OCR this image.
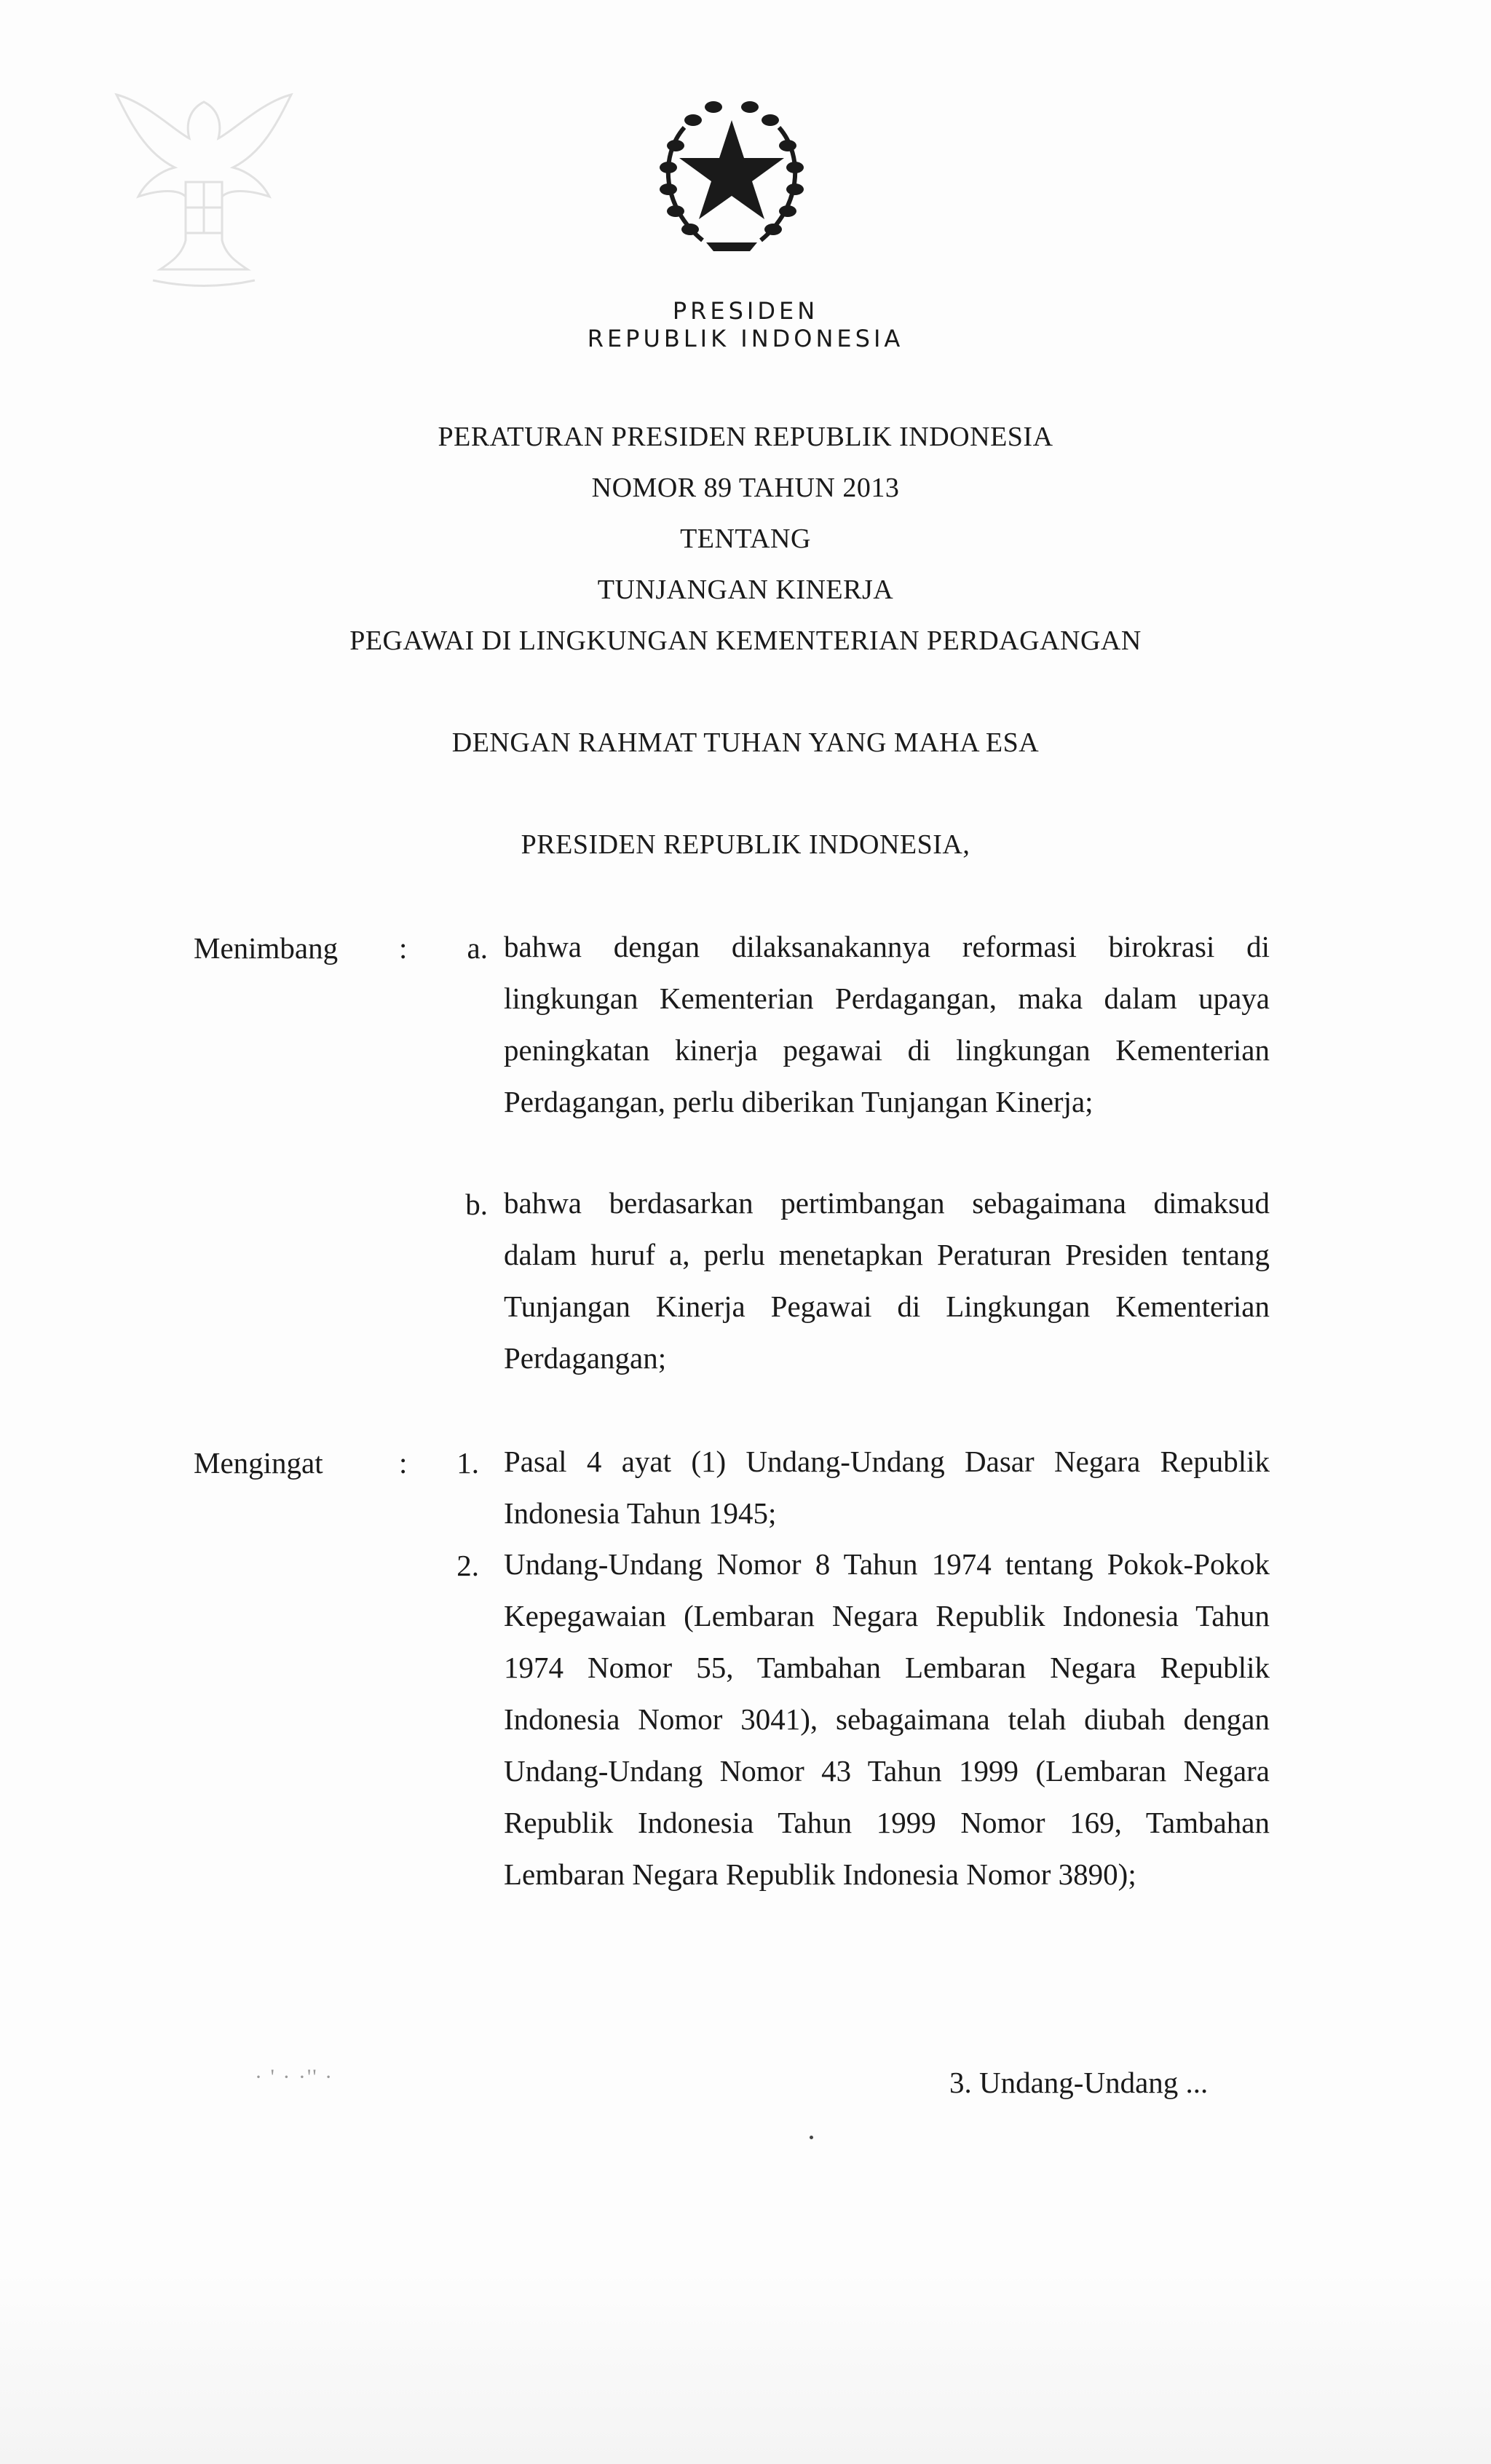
PRESIDEN
REPUBLIK INDONESIA
PERATURAN PRESIDEN REPUBLIK INDONESIA
NOMOR 89 TAHUN 2013
TENTANG
TUNJANGAN KINERJA
PEGAWAI DI LINGKUNGAN KEMENTERIAN PERDAGANGAN
DENGAN RAHMAT TUHAN YANG MAHA ESA
PRESIDEN REPUBLIK INDONESIA,
Menimbang :	a. bahwa dengan dilaksanakannya reformasi birokrasi di lingkungan Kementerian Perdagangan, maka dalam upaya peningkatan kinerja pegawai di lingkungan Kementerian Perdagangan, perlu diberikan Tunjangan Kinerja;
b. bahwa berdasarkan pertimbangan sebagaimana dimaksud dalam huruf a, perlu menetapkan Peraturan Presiden tentang Tunjangan Kinerja Pegawai di Lingkungan Kementerian Perdagangan;
Mengingat	:	1. Pasal 4 ayat (1) Undang-Undang Dasar Negara Republik Indonesia Tahun 1945;
2. Undang-Undang Nomor 8 Tahun 1974 tentang Pokok-Pokok Kepegawaian (Lembaran Negara Republik Indonesia Tahun 1974 Nomor 55, Tambahan Lembaran Negara Republik Indonesia Nomor 3041), sebagaimana telah diubah dengan Undang-Undang Nomor 43 Tahun 1999 (Lembaran Negara Republik Indonesia Tahun 1999 Nomor 169, Tambahan Lembaran Negara Republik Indonesia Nomor 3890);
· ' · ·'' ·	3. Undang-Undang ...
